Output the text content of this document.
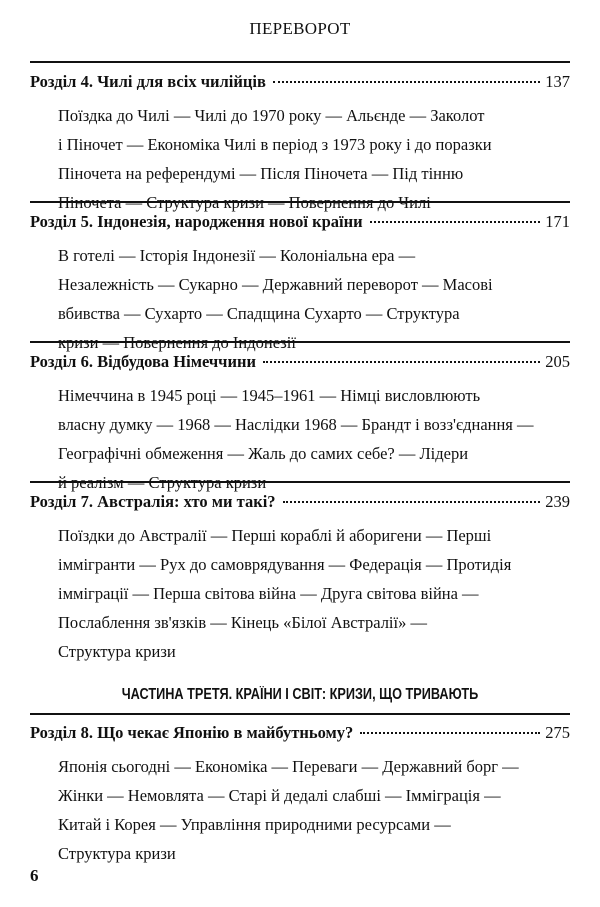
ПЕРЕВОРОТ
Розділ 4. Чилі для всіх чилійців	137
Поїздка до Чилі — Чилі до 1970 року — Альєнде — Заколот
і Піночет — Економіка Чилі в період з 1973 року і до поразки
Піночета на референдумі — Після Піночета — Під тінню
Піночета — Структура кризи — Повернення до Чилі
Розділ 5. Індонезія, народження нової країни	171
В готелі — Історія Індонезії — Колоніальна ера —
Незалежність — Сукарно — Державний переворот — Масові
вбивства — Сухарто — Спадщина Сухарто — Структура
кризи — Повернення до Індонезії
Розділ 6. Відбудова Німеччини	205
Німеччина в 1945 році — 1945–1961 — Німці висловлюють
власну думку — 1968 — Наслідки 1968 — Брандт і возз'єднання —
Географічні обмеження — Жаль до самих себе? — Лідери
й реалізм — Структура кризи
Розділ 7. Австралія: хто ми такі?	239
Поїздки до Австралії — Перші кораблі й аборигени — Перші
іммігранти — Рух до самоврядування — Федерація — Протидія
імміграції — Перша світова війна — Друга світова війна —
Послаблення зв'язків — Кінець «Білої Австралії» —
Структура кризи
ЧАСТИНА ТРЕТЯ. КРАЇНИ І СВІТ: КРИЗИ, ЩО ТРИВАЮТЬ
Розділ 8. Що чекає Японію в майбутньому?	275
Японія сьогодні — Економіка — Переваги — Державний борг —
Жінки — Немовлята — Старі й дедалі слабші — Імміграція —
Китай і Корея — Управління природними ресурсами —
Структура кризи
6
